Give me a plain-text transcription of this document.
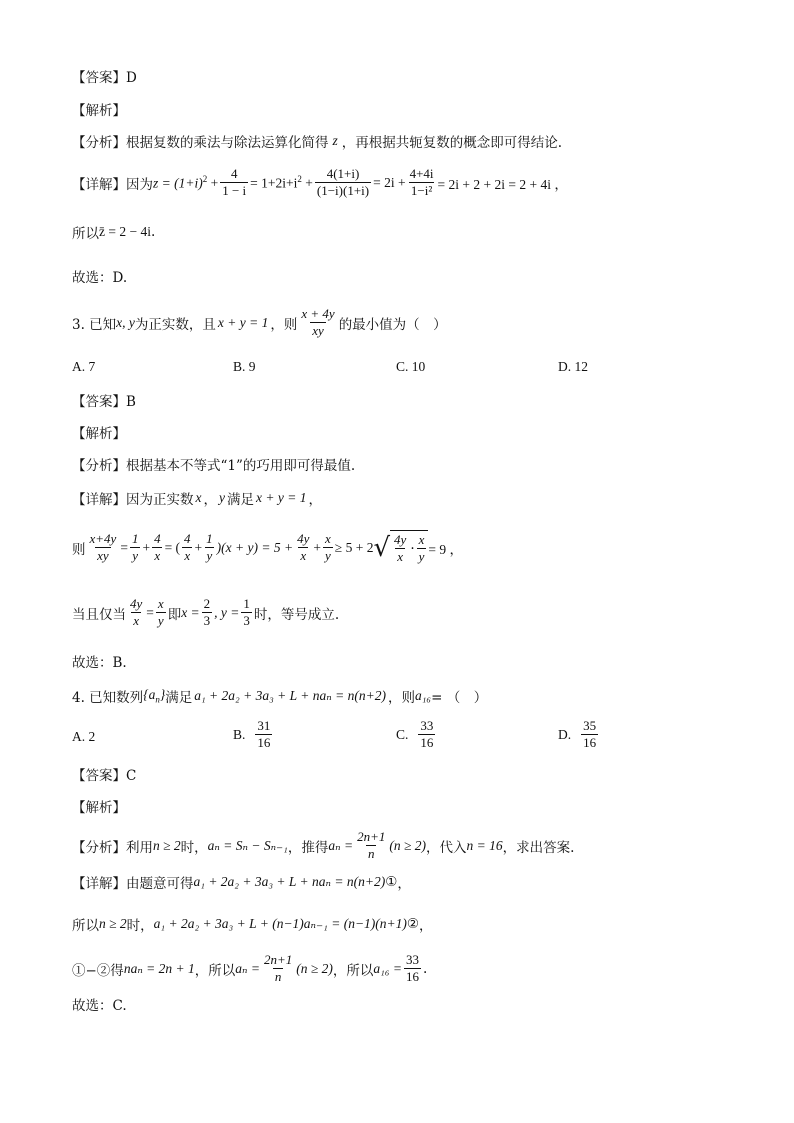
【答案】D
【解析】
【分析】根据复数的乘法与除法运算化简得 z ，再根据共轭复数的概念即可得结论.
【详解】因为 $z = (1+i)^2 + \frac{4}{1 - i} = 1+2i+i^2 + \frac{4(1+i)}{(1-i)(1+i)} = 2i + \frac{4+4i}{\text{1−i²}} = 2i + 2 + 2i = 2 + 4i$ ，
所以 z̄ = 2 − 4i .
故选：D.
3. 已知 x, y 为正实数，且 x + y = 1 ，则
x + 4y
xy 的最小值为（　）
A. 7	B. 9	C. 10	D. 12
【答案】B
【解析】
【分析】根据基本不等式“1”的巧用即可得最值.
【详解】因为正实数 x ， y 满足 x + y = 1 ，
则 $\frac{x+4y}{xy} = \frac{1}{y} + \frac{4}{x}$ = (
4
x
+ $\frac{1}{y} )(x + y) = 5 + \frac{4y}{x} + \frac{x}{y} \ge 5 + 2$ √ 4y
x ·
x
y = 9 ，
当且仅当 $\frac{4y}{x} = \frac{x}{y}$ 即 $x = \frac{2}{3}$ , $y = \frac{1}{3}$ 时，等号成立.
故选：B.
4. 已知数列 $\{a_n\}$ 满足 a₁ + 2a₂ + 3a₃ + L + naₙ = n(n+2) ，则 a₁₆ = （　）
A. 2	B.
31
16
C.
33
16
D.
35
16
【答案】C
【解析】
【分析】利用 n ≥ 2 时， aₙ = Sₙ − Sₙ₋₁ ，推得 $a_n = \frac{2n+1}{n} (n \ge 2)$ ，代入 n = 16 ，求出答案.
【详解】由题意可得 a₁ + 2a₂ + 3a₃ + L + naₙ = n(n+2) ① ，
所以 n ≥ 2 时， a₁ + 2a₂ + 3a₃ + L + (n−1)aₙ₋₁ = (n−1)(n+1) ② ，
①−②得 naₙ = 2n + 1 ，所以 $a_n = \frac{2n+1}{n} (n \ge 2)$ ，所以 $a_{16} = \frac{33}{16}$ .
故选：C.
